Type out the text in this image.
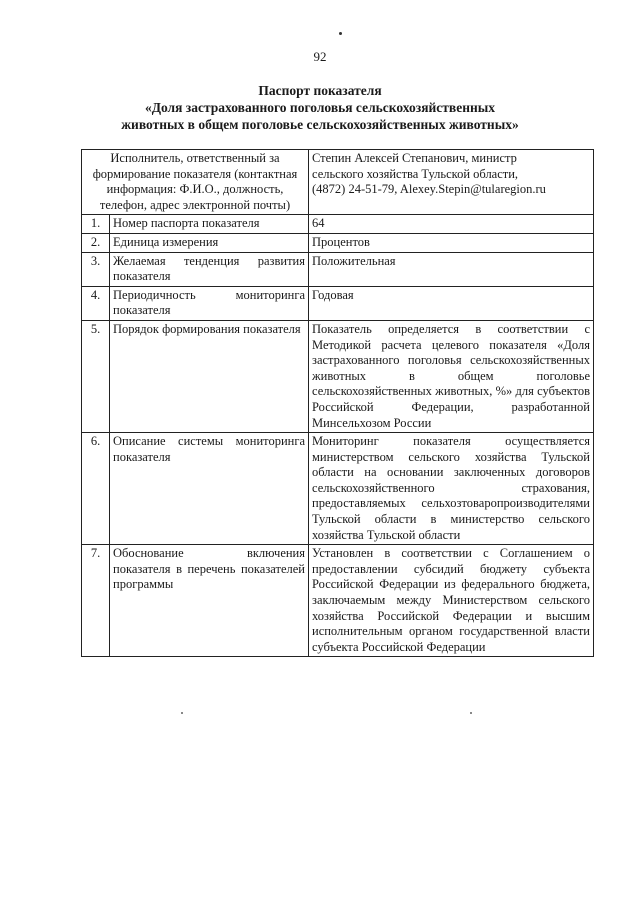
92
Паспорт показателя
«Доля застрахованного поголовья сельскохозяйственных
животных в общем поголовье сельскохозяйственных животных»
Исполнитель, ответственный за формирование показателя (контактная информация: Ф.И.О., должность, телефон, адрес электронной почты)		Степин Алексей Степанович, министр
сельского хозяйства Тульской области,
(4872) 24-51-79, Alexey.Stepin@tularegion.ru

1.	Номер паспорта показателя	64
2.	Единица измерения	Процентов
3.	Желаемая тенденция развития показателя	Положительная
4.	Периодичность мониторинга показателя	Годовая
5.	Порядок формирования показателя	Показатель определяется в соответствии с Методикой расчета целевого показателя «Доля застрахованного поголовья сельскохозяйственных животных в общем поголовье сельскохозяйственных животных, %» для субъектов Российской Федерации, разработанной Минсельхозом России
6.	Описание системы мониторинга показателя	Мониторинг показателя осуществляется министерством сельского хозяйства Тульской области на основании заключенных договоров сельскохозяйственного страхования, предоставляемых сельхозтоваропроизводителями Тульской области в министерство сельского хозяйства Тульской области
7.	Обоснование включения показателя в перечень показателей программы	Установлен в соответствии с Соглашением о предоставлении субсидий бюджету субъекта Российской Федерации из федерального бюджета, заключаемым между Министерством сельского хозяйства Российской Федерации и высшим исполнительным органом государственной власти субъекта Российской Федерации
